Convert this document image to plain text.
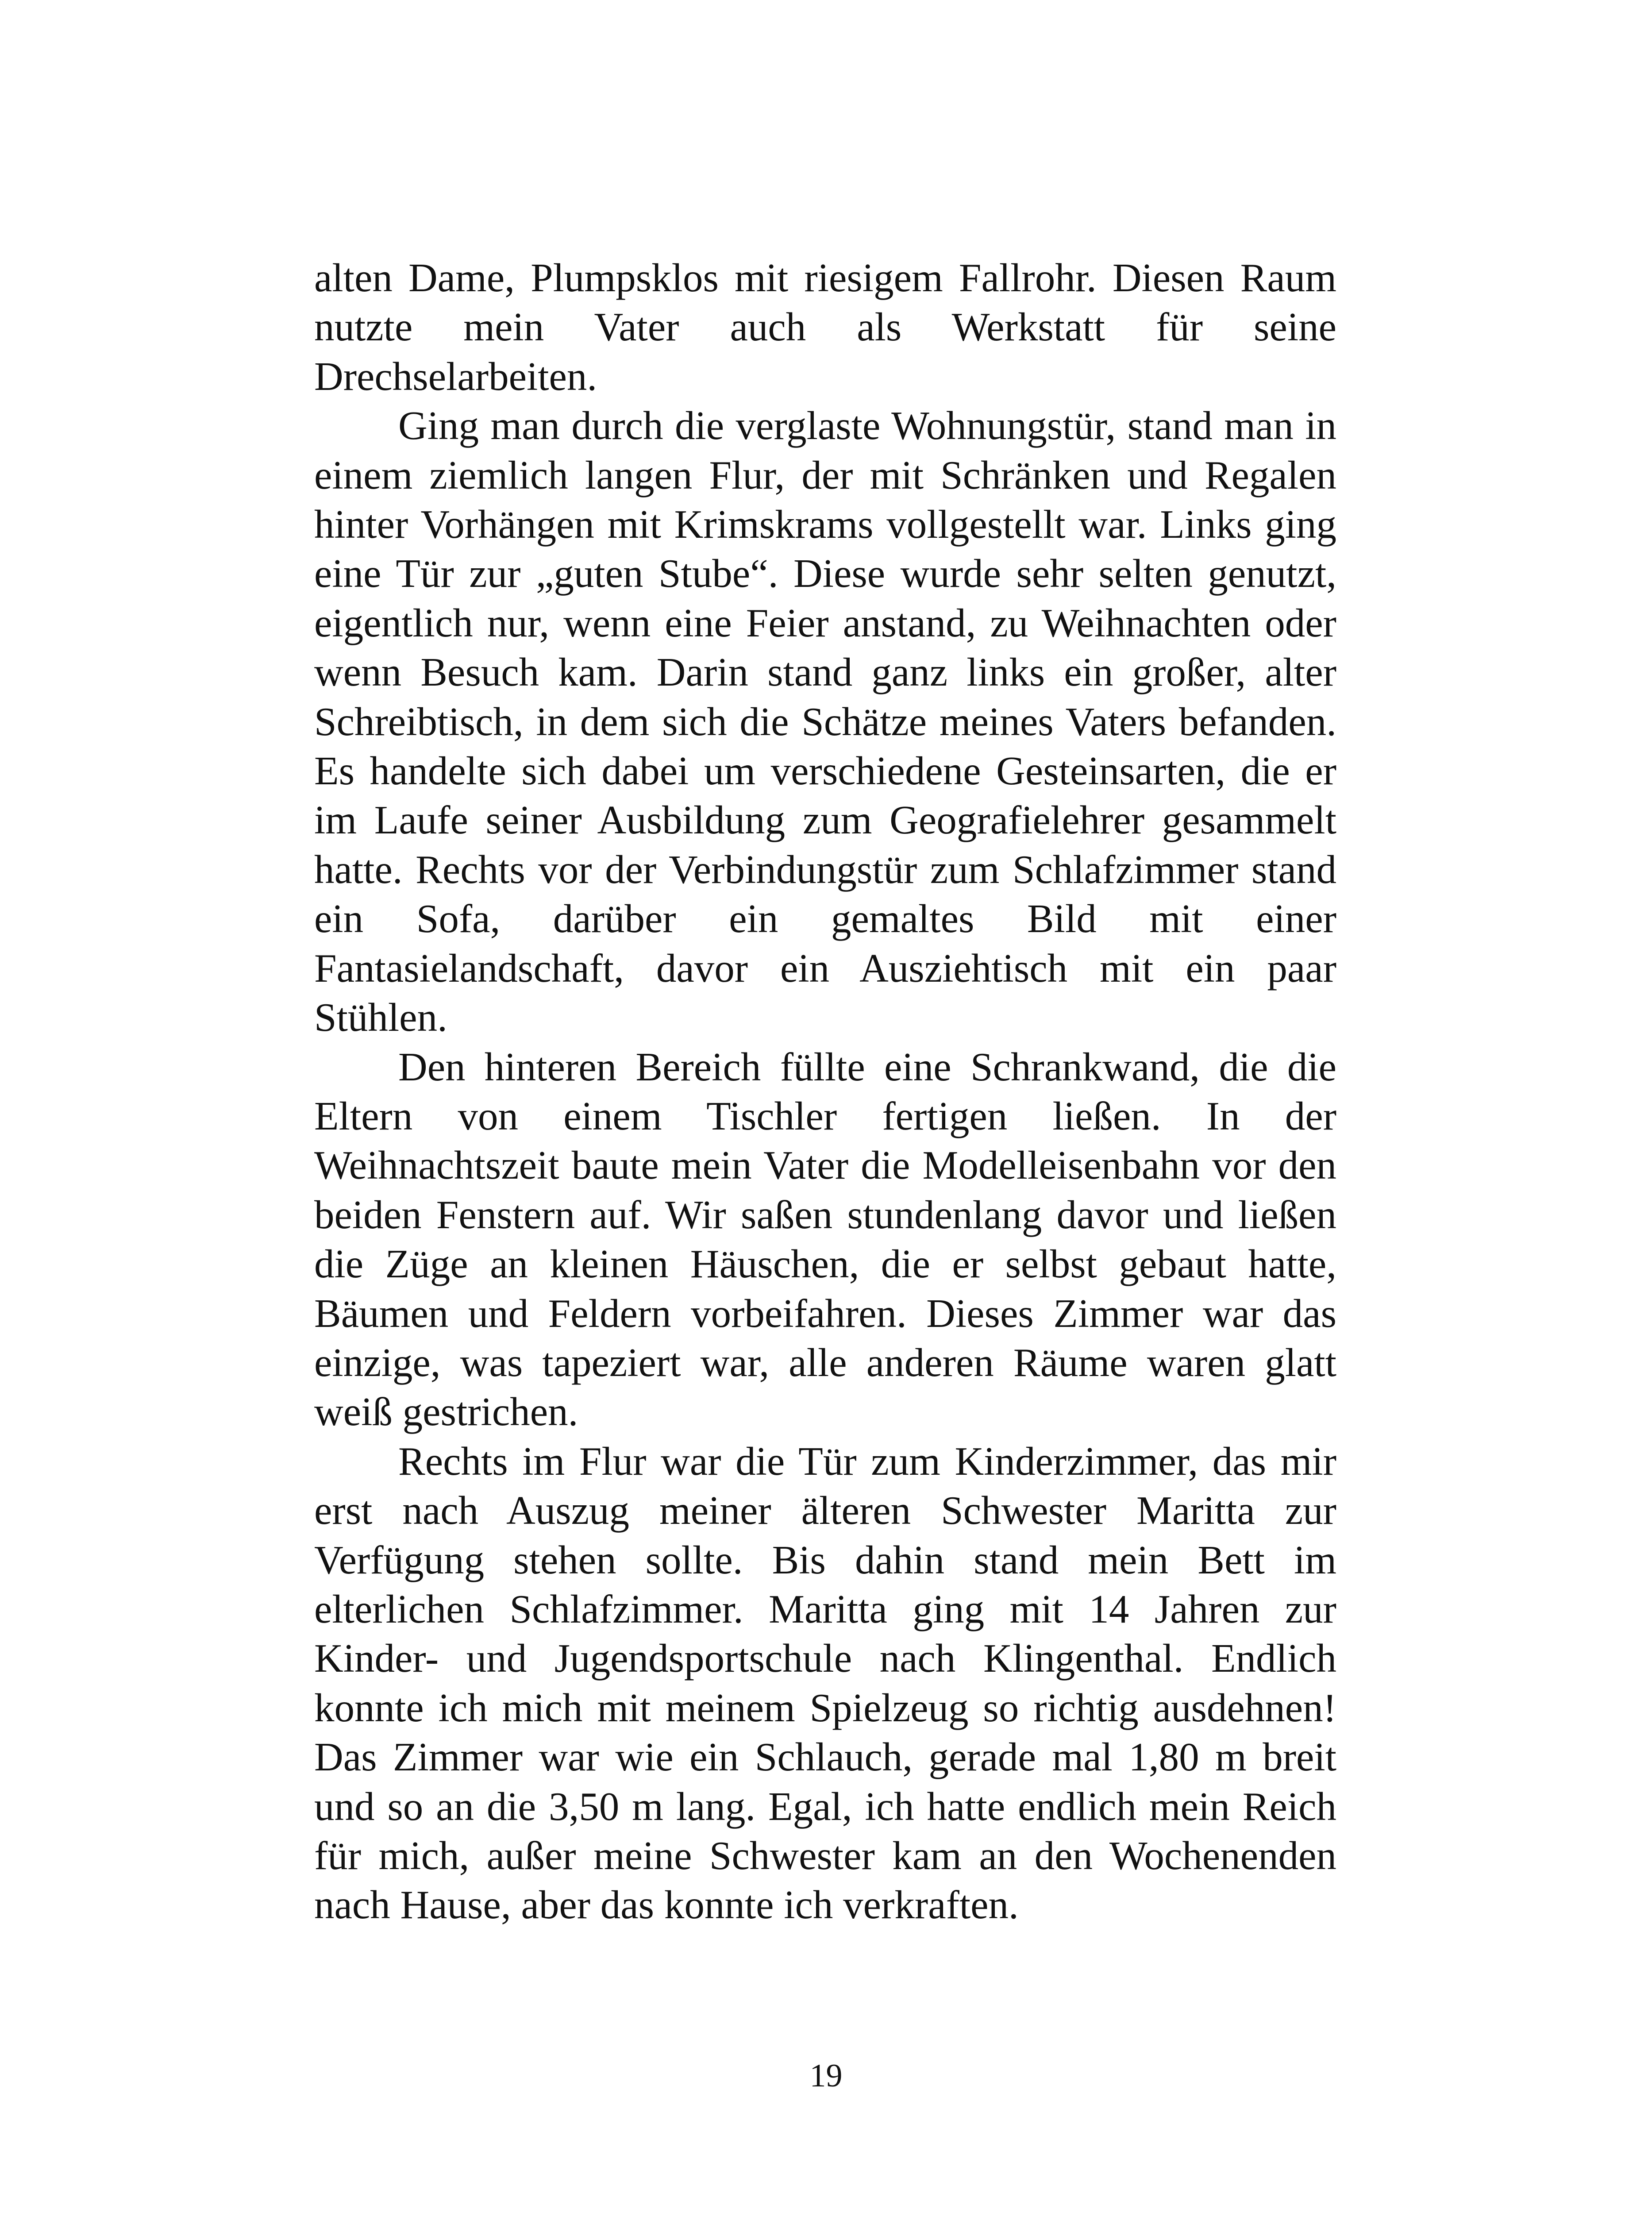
alten Dame, Plumpsklos mit riesigem Fallrohr. Diesen Raum nutzte mein Vater auch als Werkstatt für seine Drechselarbeiten.

Ging man durch die verglaste Wohnungstür, stand man in einem ziemlich langen Flur, der mit Schränken und Regalen hinter Vorhängen mit Krimskrams vollgestellt war. Links ging eine Tür zur „guten Stube“. Diese wurde sehr selten genutzt, eigentlich nur, wenn eine Feier anstand, zu Weihnachten oder wenn Besuch kam. Darin stand ganz links ein großer, alter Schreibtisch, in dem sich die Schätze meines Vaters befanden. Es handelte sich dabei um verschiedene Gesteinsarten, die er im Laufe seiner Ausbildung zum Geografielehrer gesammelt hatte. Rechts vor der Verbindungstür zum Schlafzimmer stand ein Sofa, darüber ein gemaltes Bild mit einer Fantasielandschaft, davor ein Ausziehtisch mit ein paar Stühlen.

Den hinteren Bereich füllte eine Schrankwand, die die Eltern von einem Tischler fertigen ließen. In der Weihnachtszeit baute mein Vater die Modelleisenbahn vor den beiden Fenstern auf. Wir saßen stundenlang davor und ließen die Züge an kleinen Häuschen, die er selbst gebaut hatte, Bäumen und Feldern vorbeifahren. Dieses Zimmer war das einzige, was tapeziert war, alle anderen Räume waren glatt weiß gestrichen.

Rechts im Flur war die Tür zum Kinderzimmer, das mir erst nach Auszug meiner älteren Schwester Maritta zur Verfügung stehen sollte. Bis dahin stand mein Bett im elterlichen Schlafzimmer. Maritta ging mit 14 Jahren zur Kinder- und Jugendsportschule nach Klingenthal. Endlich konnte ich mich mit meinem Spielzeug so richtig ausdehnen! Das Zimmer war wie ein Schlauch, gerade mal 1,80 m breit und so an die 3,50 m lang. Egal, ich hatte endlich mein Reich für mich, außer meine Schwester kam an den Wochenenden nach Hause, aber das konnte ich verkraften.

19
